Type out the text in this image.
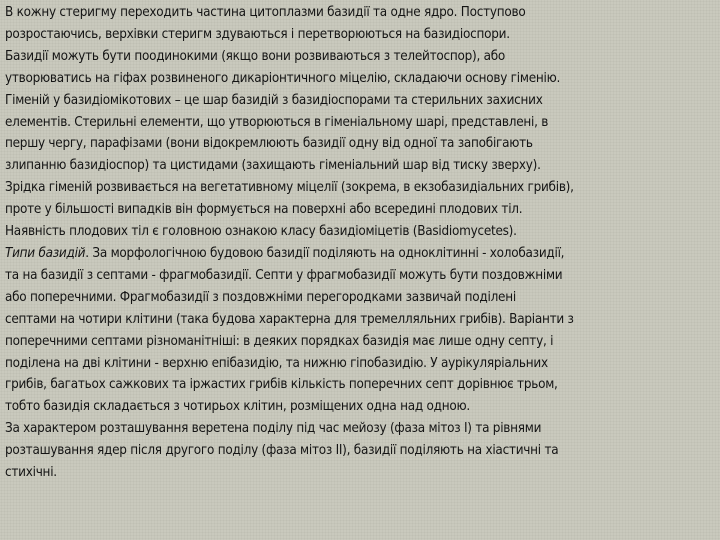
В кожну стеригму переходить частина цитоплазми базидії та одне ядро. Поступово
розростаючись, верхівки стеригм здуваються і перетворюються на базидіоспори.
Базидії можуть бути поодинокими (якщо вони розвиваються з телейтоспор), або
утворюватись на гіфах розвиненого дикаріонтичного міцелію, складаючи основу гіменію.
Гіменій у базидіомікотових – це шар базидій з базидіоспорами та стерильних захисних
елементів. Стерильні елементи, що утворюються в гіменіальному шарі, представлені, в
першу чергу, парафізами (вони відокремлюють базидії одну від одної та запобігають
злипанню базидіоспор) та цистидами (захищають гіменіальний шар від тиску зверху).
Зрідка гіменій розвивається на вегетативному міцелії (зокрема, в екзобазидіальних грибів),
проте у більшості випадків він формується на поверхні або всередині плодових тіл.
Наявність плодових тіл є головною ознакою класу базидіоміцетів (Basidiomycetes).
Типи базидій. За морфологічною будовою базидії поділяють на одноклітинні - холобазидії,
та на базидії з септами - фрагмобазидії. Септи у фрагмобазидії можуть бути поздовжніми
або поперечними. Фрагмобазидії з поздовжніми перегородками зазвичай поділені
септами на чотири клітини (така будова характерна для тремелляльних грибів). Варіанти з
поперечними септами різноманітніші: в деяких порядках базидія має лише одну септу, і
поділена на дві клітини - верхню епібазидію, та нижню гіпобазидію. У аурікуляріальних
грибів, багатьох сажкових та іржастих грибів кількість поперечних септ дорівнює трьом,
тобто базидія складається з чотирьох клітин, розміщених одна над одною.
За характером розташування веретена поділу під час мейозу (фаза мітоз I) та рівнями
розташування ядер після другого поділу (фаза мітоз II), базидії поділяють на хіастичні та
стихічні.
